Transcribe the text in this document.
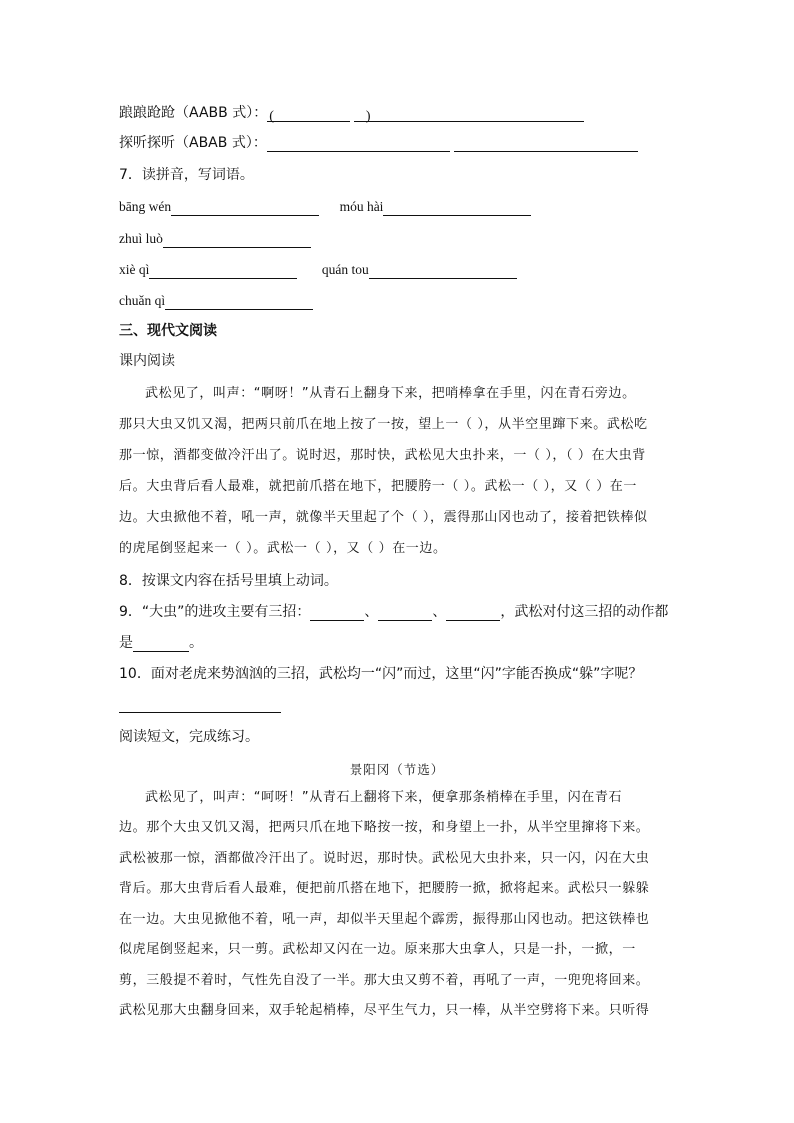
踉踉跄跄（AABB 式）： (	)
探听探听（ABAB 式）：
7．读拼音，写词语。
bāng wén	móu hài
zhuì luò
xiè qì	quán tou
chuǎn qì
三、现代文阅读
课内阅读
武松见了，叫声：“啊呀！”从青石上翻身下来，把哨棒拿在手里，闪在青石旁边。
那只大虫又饥又渴，把两只前爪在地上按了一按，望上一（ ），从半空里蹿下来。武松吃
那一惊，酒都变做冷汗出了。说时迟，那时快，武松见大虫扑来，一（ ），（ ）在大虫背
后。大虫背后看人最难，就把前爪搭在地下，把腰胯一（ ）。武松一（ ），又（ ）在一
边。大虫掀他不着，吼一声，就像半天里起了个（ ），震得那山冈也动了，接着把铁棒似
的虎尾倒竖起来一（ ）。武松一（ ），又（ ）在一边。
8．按课文内容在括号里填上动词。
9．“大虫”的进攻主要有三招：	、	、	，武松对付这三招的动作都
是	。
10．面对老虎来势汹汹的三招，武松均一“闪”而过，这里“闪”字能否换成“躲”字呢？
阅读短文，完成练习。
景阳冈（节选）
武松见了，叫声：“呵呀！”从青石上翻将下来，便拿那条梢棒在手里，闪在青石
边。那个大虫又饥又渴，把两只爪在地下略按一按，和身望上一扑，从半空里撺将下来。
武松被那一惊，酒都做冷汗出了。说时迟，那时快。武松见大虫扑来，只一闪，闪在大虫
背后。那大虫背后看人最难，便把前爪搭在地下，把腰胯一掀，掀将起来。武松只一躲躲
在一边。大虫见掀他不着，吼一声，却似半天里起个霹雳，振得那山冈也动。把这铁棒也
似虎尾倒竖起来，只一剪。武松却又闪在一边。原来那大虫拿人，只是一扑，一掀，一
剪，三般提不着时，气性先自没了一半。那大虫又剪不着，再吼了一声，一兜兜将回来。
武松见那大虫翻身回来，双手轮起梢棒，尽平生气力，只一棒，从半空劈将下来。只听得
